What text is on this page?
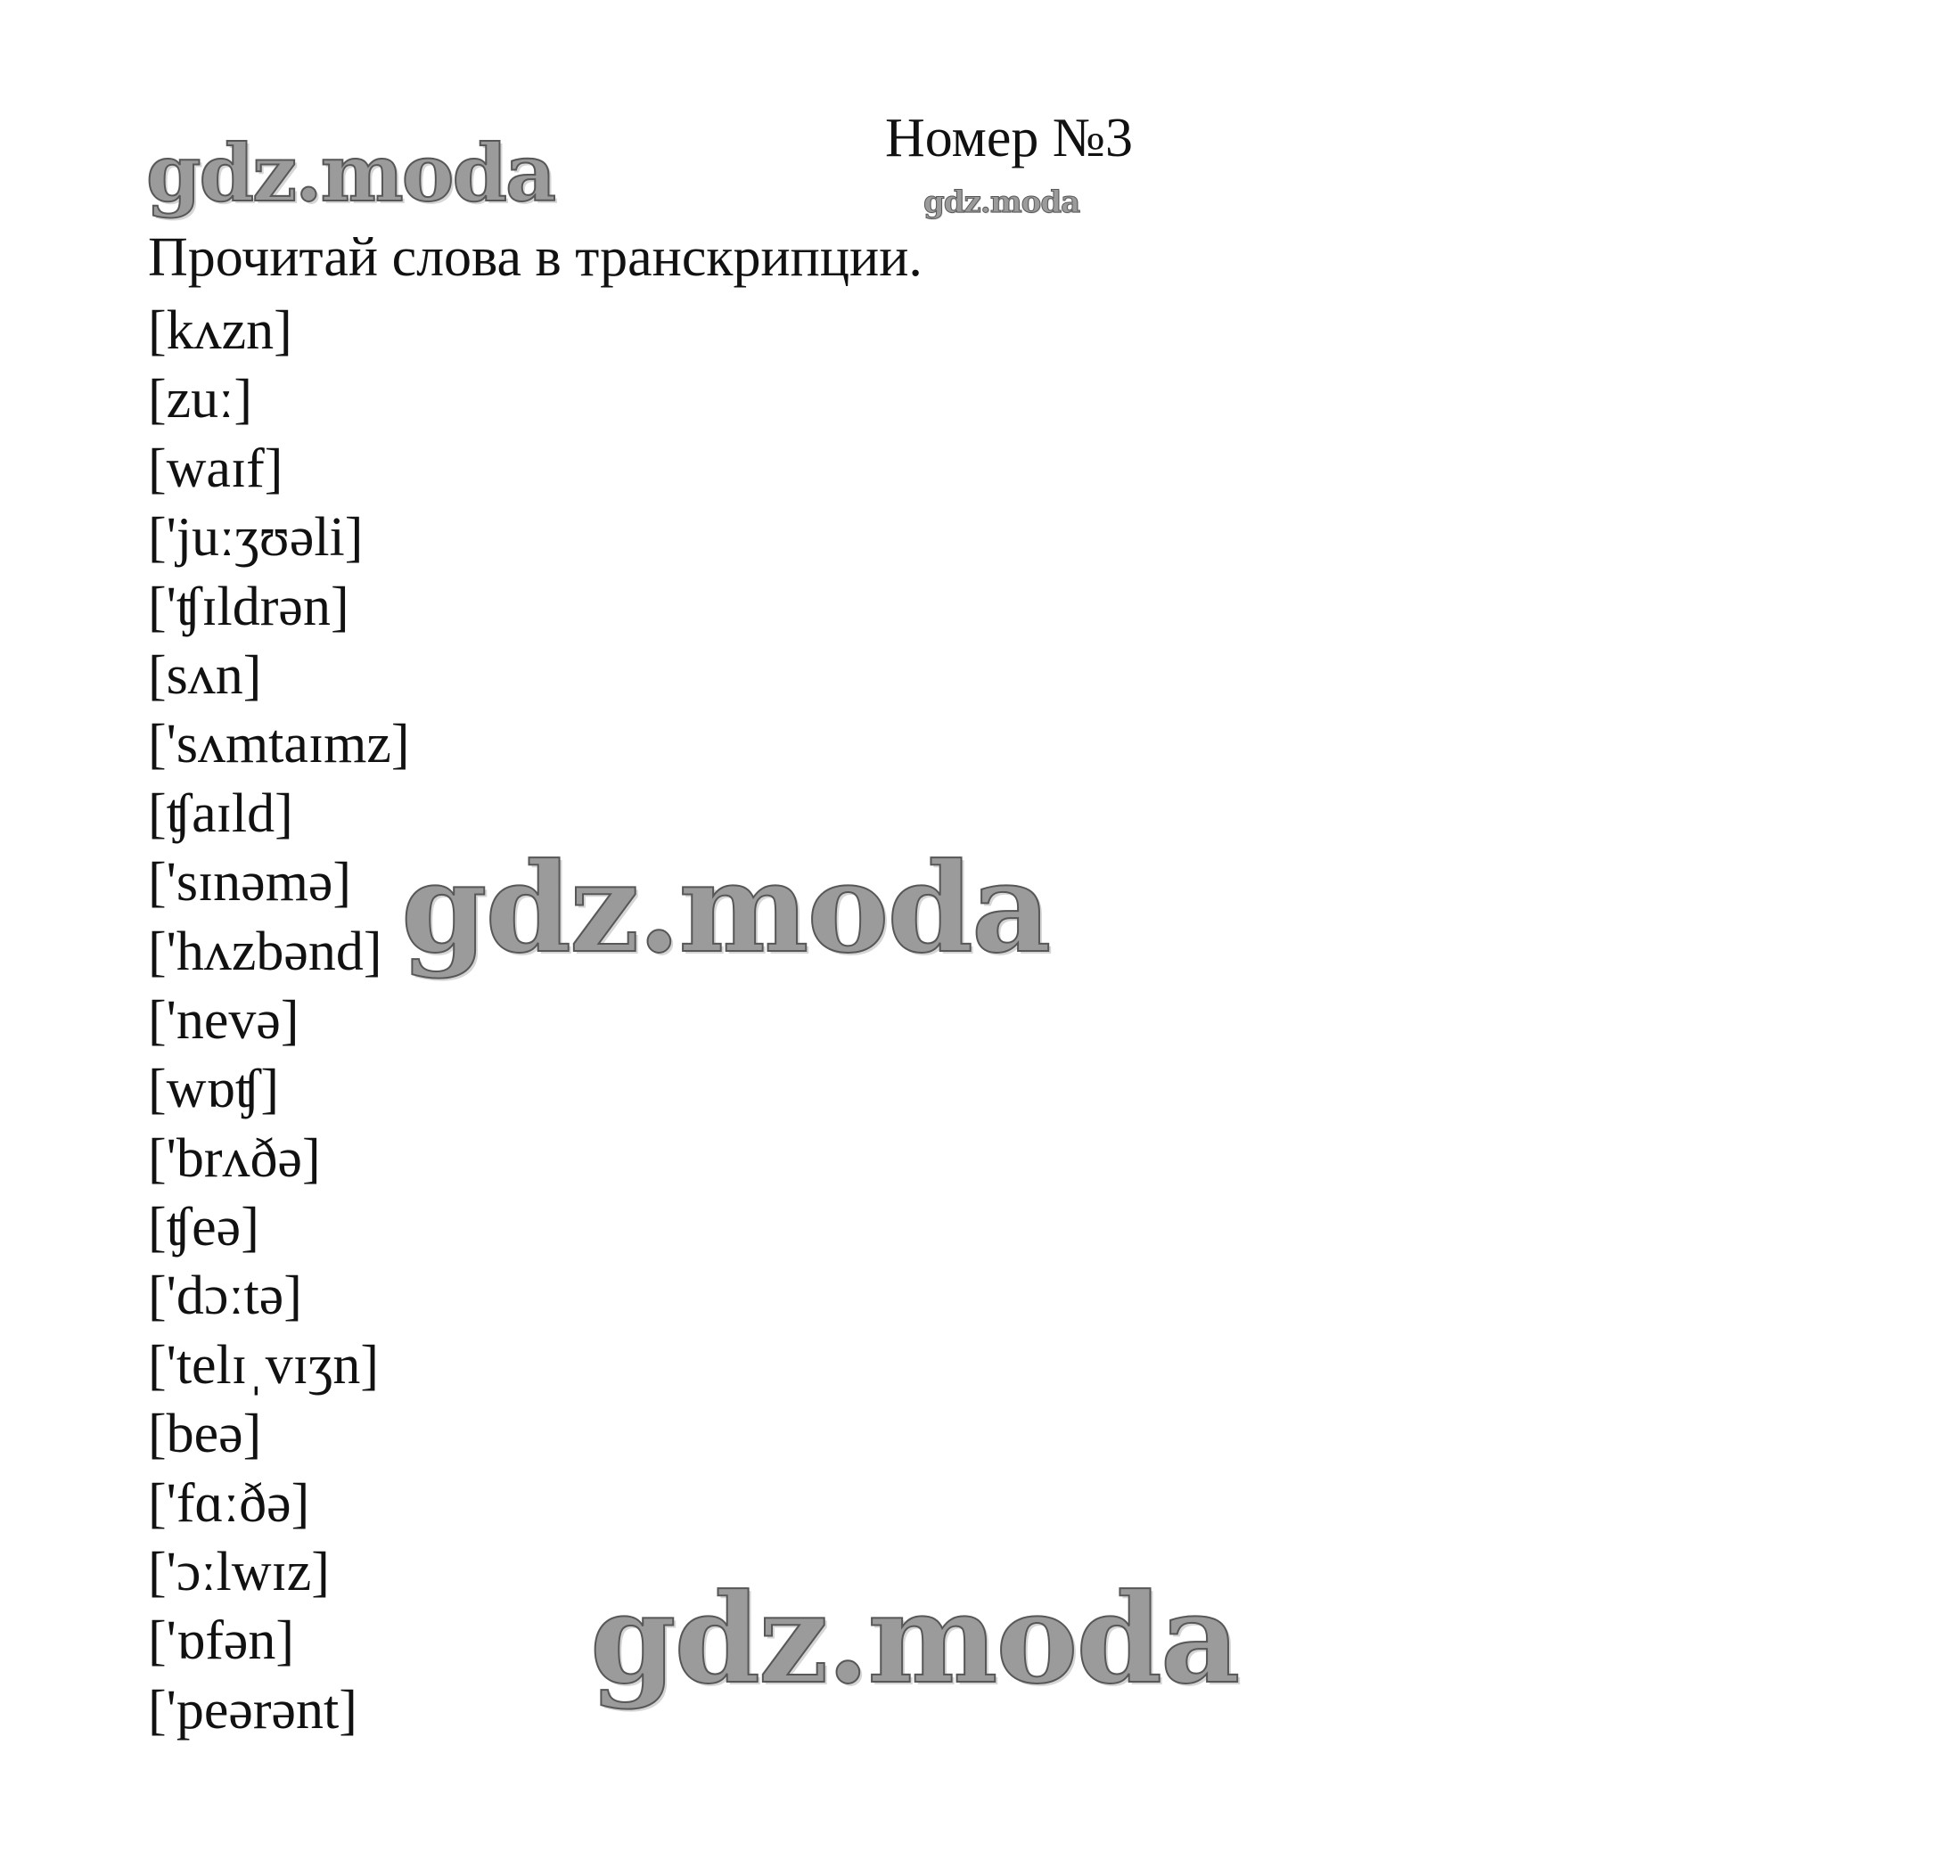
Номер №3
gdz.moda	gdz.moda
Прочитай слова в транскрипции.
[kʌzn]
[zuː]
[waɪf]
['juːʒʊəli]
['ʧɪldrən]
[sʌn]
['sʌmtaɪmz]
[ʧaɪld]
['sɪnəmə]
['hʌzbənd]
['nevə]
[wɒʧ]
['brʌðə]
[ʧeə]
['dɔːtə]
['telɪˌvɪʒn]
[beə]
['fɑːðə]
['ɔːlwɪz]
['ɒfən]
['peərənt]
gdz.moda
gdz.moda
